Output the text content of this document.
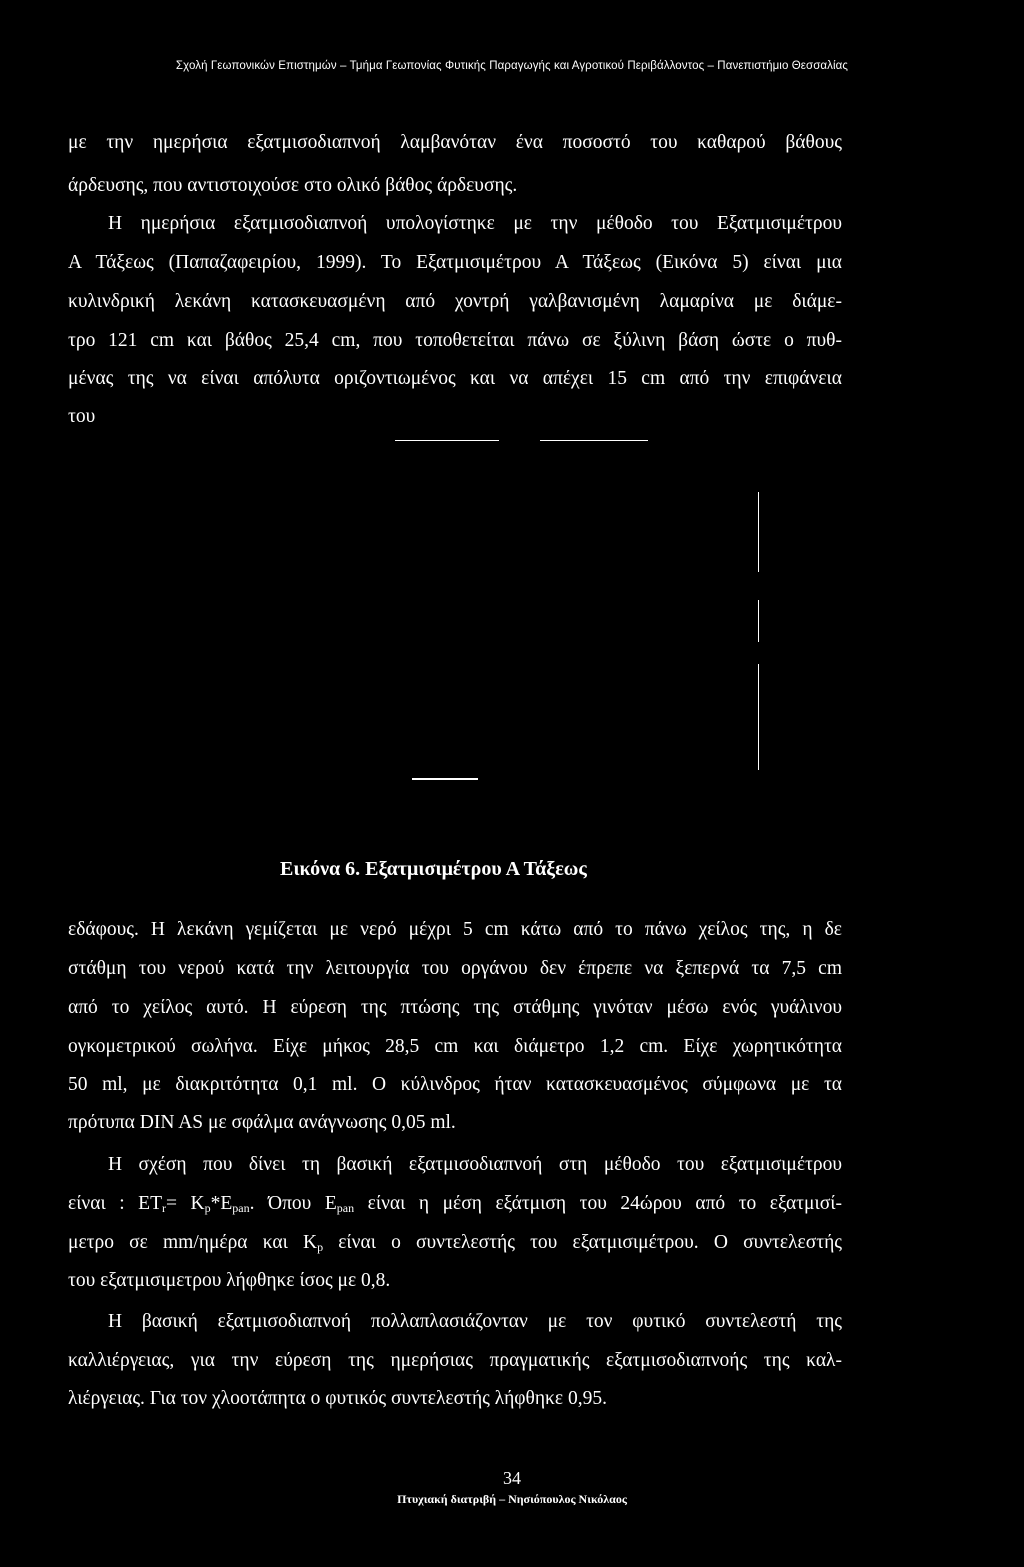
Σχολή Γεωπονικών Επιστημών – Τμήμα Γεωπονίας Φυτικής Παραγωγής και Αγροτικού Περιβάλλοντος – Πανεπιστήμιο Θεσσαλίας
με την ημερήσια εξατμισοδιαπνοή λαμβανόταν ένα ποσοστό του καθαρού βάθους
άρδευσης, που αντιστοιχούσε στο ολικό βάθος άρδευσης.
Η ημερήσια εξατμισοδιαπνοή υπολογίστηκε με την μέθοδο του Εξατμισιμέτρου
Α Τάξεως (Παπαζαφειρίου, 1999). Το Εξατμισιμέτρου Α Τάξεως (Εικόνα 5) είναι μια
κυλινδρική λεκάνη κατασκευασμένη από χοντρή γαλβανισμένη λαμαρίνα με διάμε-
τρο 121 cm και βάθος 25,4 cm, που τοποθετείται πάνω σε ξύλινη βάση ώστε ο πυθ-
μένας της να είναι απόλυτα οριζοντιωμένος και να απέχει 15 cm από την επιφάνεια
του
Εικόνα 6. Εξατμισιμέτρου Α Τάξεως
εδάφους. Η λεκάνη γεμίζεται με νερό μέχρι 5 cm κάτω από το πάνω χείλος της, η δε
στάθμη του νερού κατά την λειτουργία του οργάνου δεν έπρεπε να ξεπερνά τα 7,5 cm
από το χείλος αυτό. Η εύρεση της πτώσης της στάθμης γινόταν μέσω ενός γυάλινου
ογκομετρικού σωλήνα. Είχε μήκος 28,5 cm και διάμετρο 1,2 cm. Είχε χωρητικότητα
50 ml, με διακριτότητα 0,1 ml. Ο κύλινδρος ήταν κατασκευασμένος σύμφωνα με τα
πρότυπα DIN AS με σφάλμα ανάγνωσης 0,05 ml.
Η σχέση που δίνει τη βασική εξατμισοδιαπνοή στη μέθοδο του εξατμισιμέτρου
είναι : $ET_r= K_p*E_{pan}$. Όπου $E_{pan}$ είναι η μέση εξάτμιση του 24ώρου από το εξατμισί-
μετρο σε mm/ημέρα και $K_p$ είναι ο συντελεστής του εξατμισιμέτρου. Ο συντελεστής
του εξατμισιμετρου λήφθηκε ίσος με 0,8.
Η βασική εξατμισοδιαπνοή πολλαπλασιάζονταν με τον φυτικό συντελεστή της
καλλιέργειας, για την εύρεση της ημερήσιας πραγματικής εξατμισοδιαπνοής της καλ-
λιέργειας. Για τον χλοοτάπητα ο φυτικός συντελεστής λήφθηκε 0,95.
34
Πτυχιακή διατριβή – Νησιόπουλος Νικόλαος
